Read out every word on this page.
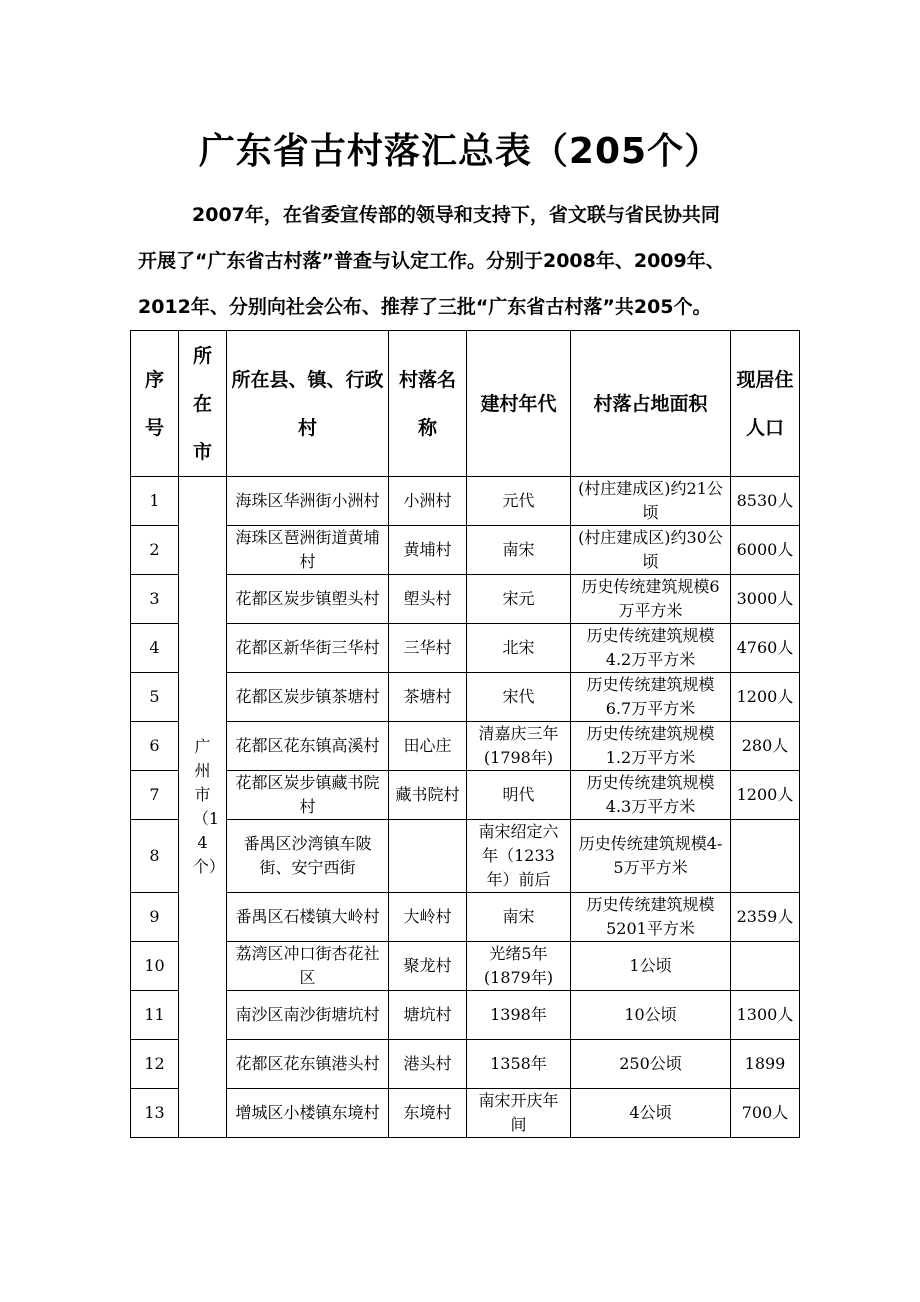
广东省古村落汇总表（205个）
2007年，在省委宣传部的领导和支持下，省文联与省民协共同
开展了“广东省古村落”普查与认定工作。分别于2008年、2009年、
2012年、分别向社会公布、推荐了三批“广东省古村落”共205个。
序号	所在市	所在县、镇、行政村	村落名称	建村年代	村落占地面积	现居住 人口
1	广州市（14个）	海珠区华洲街小洲村	小洲村	元代	(村庄建成区)约21公顷	8530人
2		海珠区琶洲街道黄埔村	黄埔村	南宋	(村庄建成区)约30公顷	6000人
3		花都区炭步镇塱头村	塱头村	宋元	历史传统建筑规模6万平方米	3000人
4		花都区新华街三华村	三华村	北宋	历史传统建筑规模4.2万平方米	4760人
5		花都区炭步镇茶塘村	茶塘村	宋代	历史传统建筑规模6.7万平方米	1200人
6		花都区花东镇高溪村	田心庄	清嘉庆三年(1798年)	历史传统建筑规模1.2万平方米	280人
7		花都区炭步镇藏书院村	藏书院村	明代	历史传统建筑规模4.3万平方米	1200人
8		番禺区沙湾镇车陂街、安宁西街		南宋绍定六年（1233年）前后	历史传统建筑规模4-5万平方米	
9		番禺区石楼镇大岭村	大岭村	南宋	历史传统建筑规模5201平方米	2359人
10		荔湾区冲口街杏花社区	聚龙村	光绪5年(1879年)	1公顷	
11		南沙区南沙街塘坑村	塘坑村	1398年	10公顷	1300人
12		花都区花东镇港头村	港头村	1358年	250公顷	1899
13		增城区小楼镇东境村	东境村	南宋开庆年间	4公顷	700人
